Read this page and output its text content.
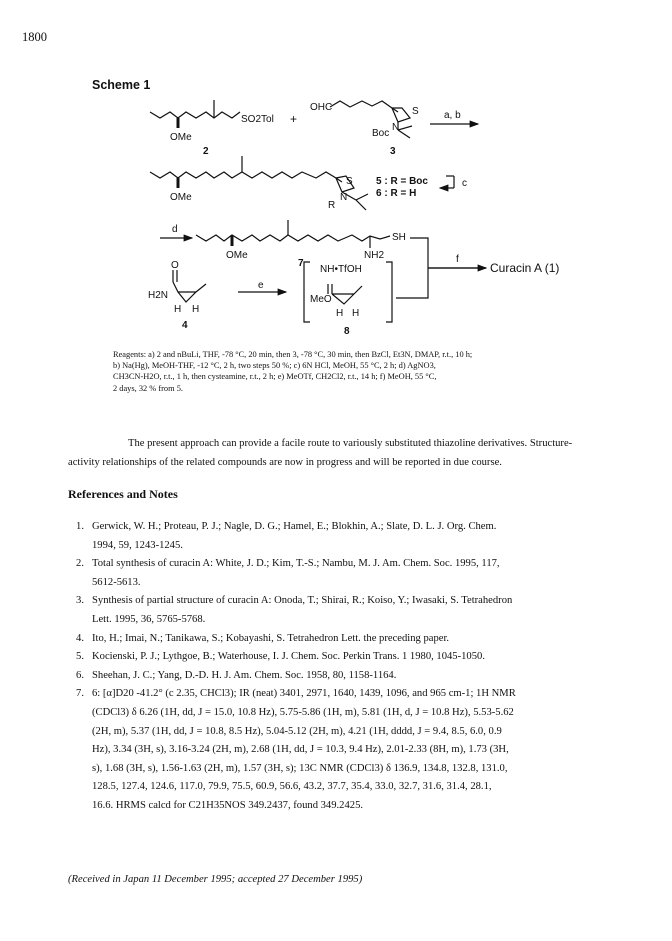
1800
Scheme 1
OMe
SO2Tol +
OHC	S
N
Boc
a, b
2	3
OMe
S
N
R
5 : R = Boc
6 : R = H
c
d
OMe
7
SH
NH2
O
H2N
H H
4
e
NH•TfOH
MeO
H H
8
f
Curacin A (1)
Reagents: a) 2 and nBuLi, THF, -78 °C, 20 min, then 3, -78 °C, 30 min, then BzCl, Et3N, DMAP, r.t., 10 h;
b) Na(Hg), MeOH-THF, -12 °C, 2 h, two steps 50 %; c) 6N HCl, MeOH, 55 °C, 2 h; d) AgNO3,
CH3CN-H2O, r.t., 1 h, then cysteamine, r.t., 2 h; e) MeOTf, CH2Cl2, r.t., 14 h; f) MeOH, 55 °C,
2 days, 32 % from 5.
The present approach can provide a facile route to variously substituted thiazoline derivatives. Structure-
activity relationships of the related compounds are now in progress and will be reported in due course.
References and Notes
1. Gerwick, W. H.; Proteau, P. J.; Nagle, D. G.; Hamel, E.; Blokhin, A.; Slate, D. L. J. Org. Chem.
1994, 59, 1243-1245.
2. Total synthesis of curacin A: White, J. D.; Kim, T.-S.; Nambu, M. J. Am. Chem. Soc. 1995, 117,
5612-5613.
3. Synthesis of partial structure of curacin A: Onoda, T.; Shirai, R.; Koiso, Y.; Iwasaki, S. Tetrahedron
Lett. 1995, 36, 5765-5768.
4. Ito, H.; Imai, N.; Tanikawa, S.; Kobayashi, S. Tetrahedron Lett. the preceding paper.
5. Kocienski, P. J.; Lythgoe, B.; Waterhouse, I. J. Chem. Soc. Perkin Trans. 1 1980, 1045-1050.
6. Sheehan, J. C.; Yang, D.-D. H. J. Am. Chem. Soc. 1958, 80, 1158-1164.
7. 6: [α]D20 -41.2° (c 2.35, CHCl3); IR (neat) 3401, 2971, 1640, 1439, 1096, and 965 cm-1; 1H NMR
(CDCl3) δ 6.26 (1H, dd, J = 15.0, 10.8 Hz), 5.75-5.86 (1H, m), 5.81 (1H, d, J = 10.8 Hz), 5.53-5.62
(2H, m), 5.37 (1H, dd, J = 10.8, 8.5 Hz), 5.04-5.12 (2H, m), 4.21 (1H, dddd, J = 9.4, 8.5, 6.0, 0.9
Hz), 3.34 (3H, s), 3.16-3.24 (2H, m), 2.68 (1H, dd, J = 10.3, 9.4 Hz), 2.01-2.33 (8H, m), 1.73 (3H,
s), 1.68 (3H, s), 1.56-1.63 (2H, m), 1.57 (3H, s); 13C NMR (CDCl3) δ 136.9, 134.8, 132.8, 131.0,
128.5, 127.4, 124.6, 117.0, 79.9, 75.5, 60.9, 56.6, 43.2, 37.7, 35.4, 33.0, 32.7, 31.6, 31.4, 28.1,
16.6. HRMS calcd for C21H35NOS 349.2437, found 349.2425.
(Received in Japan 11 December 1995; accepted 27 December 1995)
